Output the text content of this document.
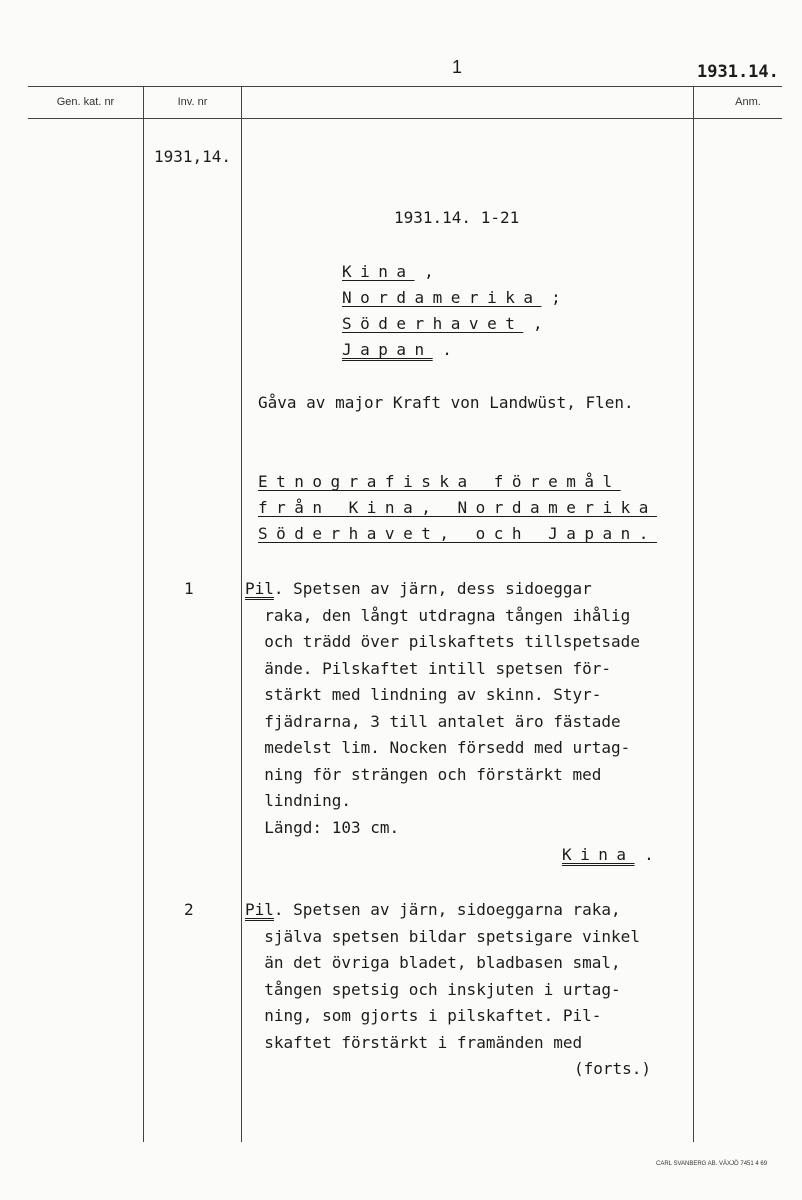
1	1931.14.
Gen. kat. nr	Inv. nr	Anm.
1931,14.
1931.14. 1-21
Kina ,
Nordamerika ;
Söderhavet ,
Japan .
Gåva av major Kraft von Landwüst, Flen.
Etnografiska föremål
från Kina, Nordamerika
Söderhavet, och Japan.
1	Pil. Spetsen av järn, dess sidoeggar
raka, den långt utdragna tången ihålig
och trädd över pilskaftets tillspetsade
ände. Pilskaftet intill spetsen för-
stärkt med lindning av skinn. Styr-
fjädrarna, 3 till antalet äro fästade
medelst lim. Nocken försedd med urtag-
ning för strängen och förstärkt med
lindning.
Längd: 103 cm.
Kina .
2	Pil. Spetsen av järn, sidoeggarna raka,
själva spetsen bildar spetsigare vinkel
än det övriga bladet, bladbasen smal,
tången spetsig och inskjuten i urtag-
ning, som gjorts i pilskaftet. Pil-
skaftet förstärkt i framänden med
(forts.)
CARL SVANBERG AB. VÄXJÖ 7451 4 69
